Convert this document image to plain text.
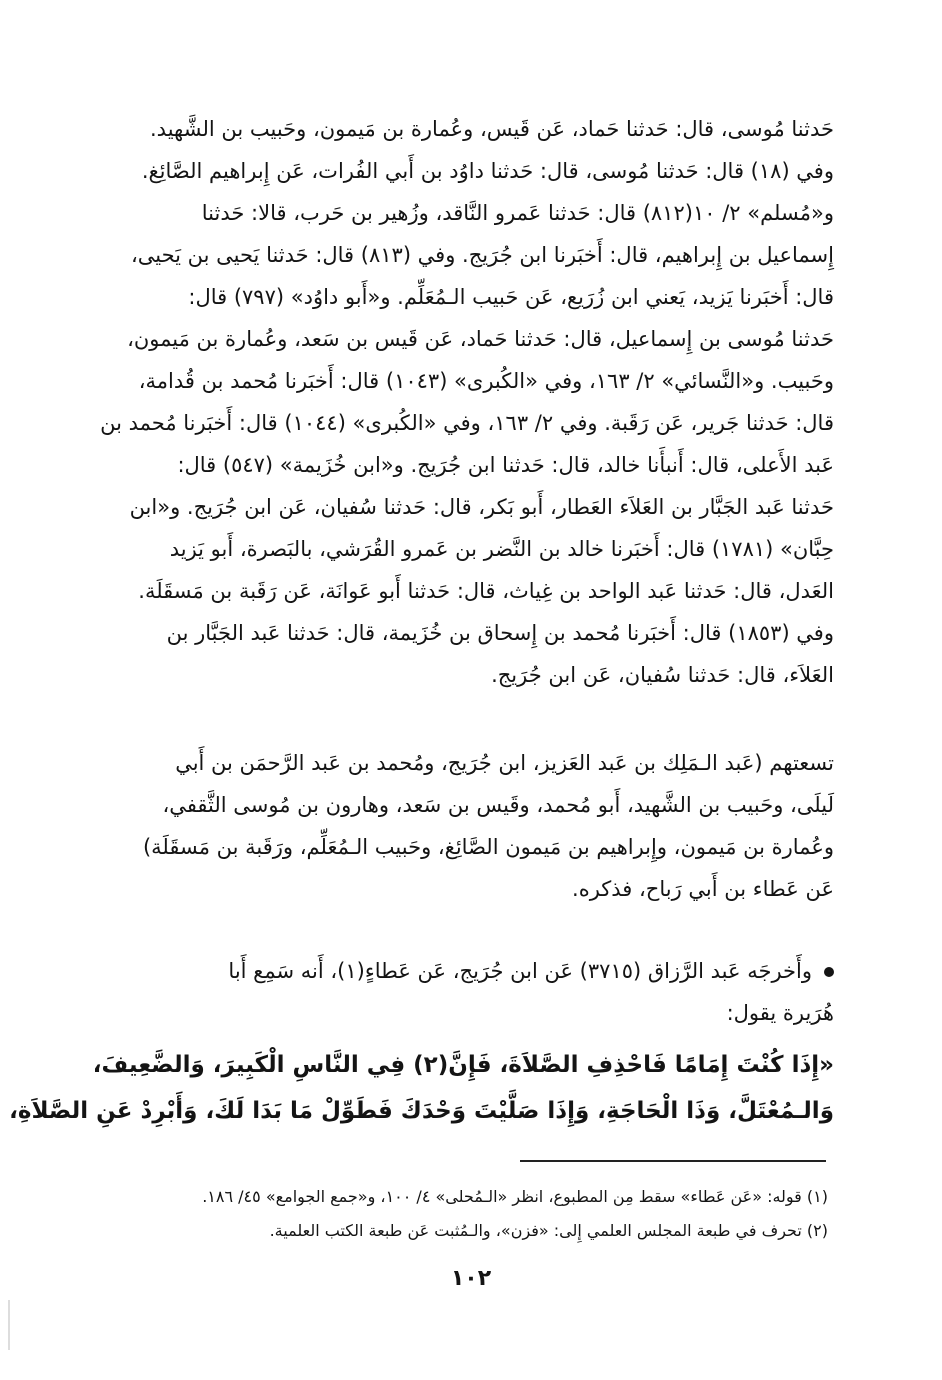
حَدثنا مُوسى، قال: حَدثنا حَماد، عَن قَيس، وعُمارة بن مَيمون، وحَبيب بن الشَّهيد.
وفي (١٨) قال: حَدثنا مُوسى، قال: حَدثنا داوُد بن أَبي الفُرات، عَن إِبراهيم الصَّائِغ.
و«مُسلم» ٢/ ١٠(٨١٢) قال: حَدثنا عَمرو النَّاقد، وزُهير بن حَرب، قالا: حَدثنا
إِسماعيل بن إِبراهيم، قال: أَخبَرنا ابن جُرَيج. وفي (٨١٣) قال: حَدثنا يَحيى بن يَحيى،
قال: أَخبَرنا يَزيد، يَعني ابن زُرَيع، عَن حَبيب الـمُعَلِّم. و«أَبو داوُد» (٧٩٧) قال:
حَدثنا مُوسى بن إِسماعيل، قال: حَدثنا حَماد، عَن قَيس بن سَعد، وعُمارة بن مَيمون،
وحَبيب. و«النَّسائي» ٢/ ١٦٣، وفي «الكُبرى» (١٠٤٣) قال: أَخبَرنا مُحمد بن قُدامة،
قال: حَدثنا جَرير، عَن رَقَبة. وفي ٢/ ١٦٣، وفي «الكُبرى» (١٠٤٤) قال: أَخبَرنا مُحمد بن
عَبد الأَعلى، قال: أَنبأَنا خالد، قال: حَدثنا ابن جُرَيج. و«ابن خُزَيمة» (٥٤٧) قال:
حَدثنا عَبد الجَبَّار بن العَلاَء العَطار، أَبو بَكر، قال: حَدثنا سُفيان، عَن ابن جُرَيج. و«ابن
حِبَّان» (١٧٨١) قال: أَخبَرنا خالد بن النَّضر بن عَمرو القُرَشي، بالبَصرة، أَبو يَزيد
العَدل، قال: حَدثنا عَبد الواحد بن غِياث، قال: حَدثنا أَبو عَوانَة، عَن رَقَبة بن مَسقَلَة.
وفي (١٨٥٣) قال: أَخبَرنا مُحمد بن إِسحاق بن خُزَيمة، قال: حَدثنا عَبد الجَبَّار بن
العَلاَء، قال: حَدثنا سُفيان، عَن ابن جُرَيج.
تسعتهم (عَبد الـمَلِك بن عَبد العَزيز، ابن جُرَيج، ومُحمد بن عَبد الرَّحمَن بن أَبي
لَيلَى، وحَبيب بن الشَّهيد، أَبو مُحمد، وقَيس بن سَعد، وهارون بن مُوسى الثَّقفي،
وعُمارة بن مَيمون، وإِبراهيم بن مَيمون الصَّائِغ، وحَبيب الـمُعَلِّم، ورَقَبة بن مَسقَلَة)
عَن عَطاء بن أَبي رَباح، فذكره.
وأَخرجَه عَبد الرَّزاق (٣٧١٥) عَن ابن جُرَيج، عَن عَطاءٍ(١)، أَنه سَمِع أَبا
هُرَيرة يقول:
«إِذَا كُنْتَ إِمَامًا فَاحْذِفِ الصَّلاَةَ، فَإِنَّ(٢) فِي النَّاسِ الْكَبِيرَ، وَالضَّعِيفَ،
وَالـمُعْتَلَّ، وَذَا الْحَاجَةِ، وَإِذَا صَلَّيْتَ وَحْدَكَ فَطَوِّلْ مَا بَدَا لَكَ، وَأَبْرِدْ عَنِ الصَّلاَةِ،
(١) قوله: «عَن عَطاء» سقط مِن المطبوع، انظر «الـمُحلى» ٤/ ١٠٠، و«جمع الجوامع» ٤٥/ ١٨٦.
(٢) تحرف في طبعة المجلس العلمي إِلى: «فزن»، والـمُثبت عَن طبعة الكتب العلمية.
١٠٢
